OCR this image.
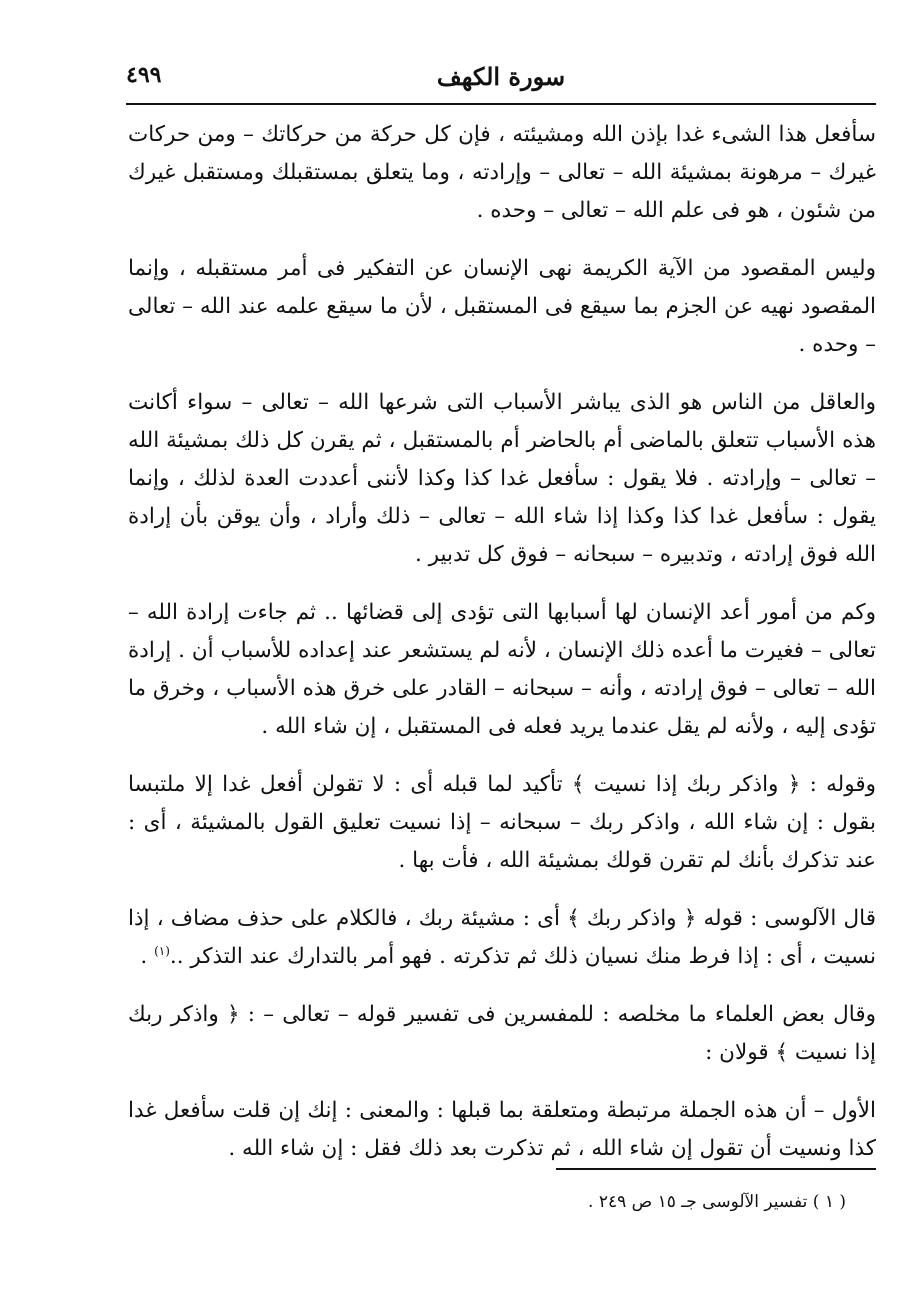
سورة الكهف
٤٩٩

سأفعل هذا الشىء غدا بإذن الله ومشيئته ، فإن كل حركة من حركاتك – ومن حركات غيرك – مرهونة بمشيئة الله – تعالى – وإرادته ، وما يتعلق بمستقبلك ومستقبل غيرك من شئون ، هو فى علم الله – تعالى – وحده .

وليس المقصود من الآية الكريمة نهى الإنسان عن التفكير فى أمر مستقبله ، وإنما المقصود نهيه عن الجزم بما سيقع فى المستقبل ، لأن ما سيقع علمه عند الله – تعالى – وحده .

والعاقل من الناس هو الذى يباشر الأسباب التى شرعها الله – تعالى – سواء أكانت هذه الأسباب تتعلق بالماضى أم بالحاضر أم بالمستقبل ، ثم يقرن كل ذلك بمشيئة الله – تعالى – وإرادته . فلا يقول : سأفعل غدا كذا وكذا لأننى أعددت العدة لذلك ، وإنما يقول : سأفعل غدا كذا وكذا إذا شاء الله – تعالى – ذلك وأراد ، وأن يوقن بأن إرادة الله فوق إرادته ، وتدبيره – سبحانه – فوق كل تدبير .

وكم من أمور أعد الإنسان لها أسبابها التى تؤدى إلى قضائها .. ثم جاءت إرادة الله – تعالى – فغيرت ما أعده ذلك الإنسان ، لأنه لم يستشعر عند إعداده للأسباب أن . إرادة الله – تعالى – فوق إرادته ، وأنه – سبحانه – القادر على خرق هذه الأسباب ، وخرق ما تؤدى إليه ، ولأنه لم يقل عندما يريد فعله فى المستقبل ، إن شاء الله .

وقوله : ﴿ واذكر ربك إذا نسيت ﴾ تأكيد لما قبله أى : لا تقولن أفعل غدا إلا ملتبسا بقول : إن شاء الله ، واذكر ربك – سبحانه – إذا نسيت تعليق القول بالمشيئة ، أى : عند تذكرك بأنك لم تقرن قولك بمشيئة الله ، فأت بها .

قال الآلوسى : قوله ﴿ واذكر ربك ﴾ أى : مشيئة ربك ، فالكلام على حذف مضاف ، إذا نسيت ، أى : إذا فرط منك نسيان ذلك ثم تذكرته . فهو أمر بالتدارك عند التذكر ..$^{(١)}$ .

وقال بعض العلماء ما مخلصه : للمفسرين فى تفسير قوله – تعالى – : ﴿ واذكر ربك إذا نسيت ﴾ قولان :

الأول – أن هذه الجملة مرتبطة ومتعلقة بما قبلها : والمعنى : إنك إن قلت سأفعل غدا كذا ونسيت أن تقول إن شاء الله ، ثم تذكرت بعد ذلك فقل : إن شاء الله .

( ١ ) تفسير الآلوسى جـ ١٥ ص ٢٤٩ .
